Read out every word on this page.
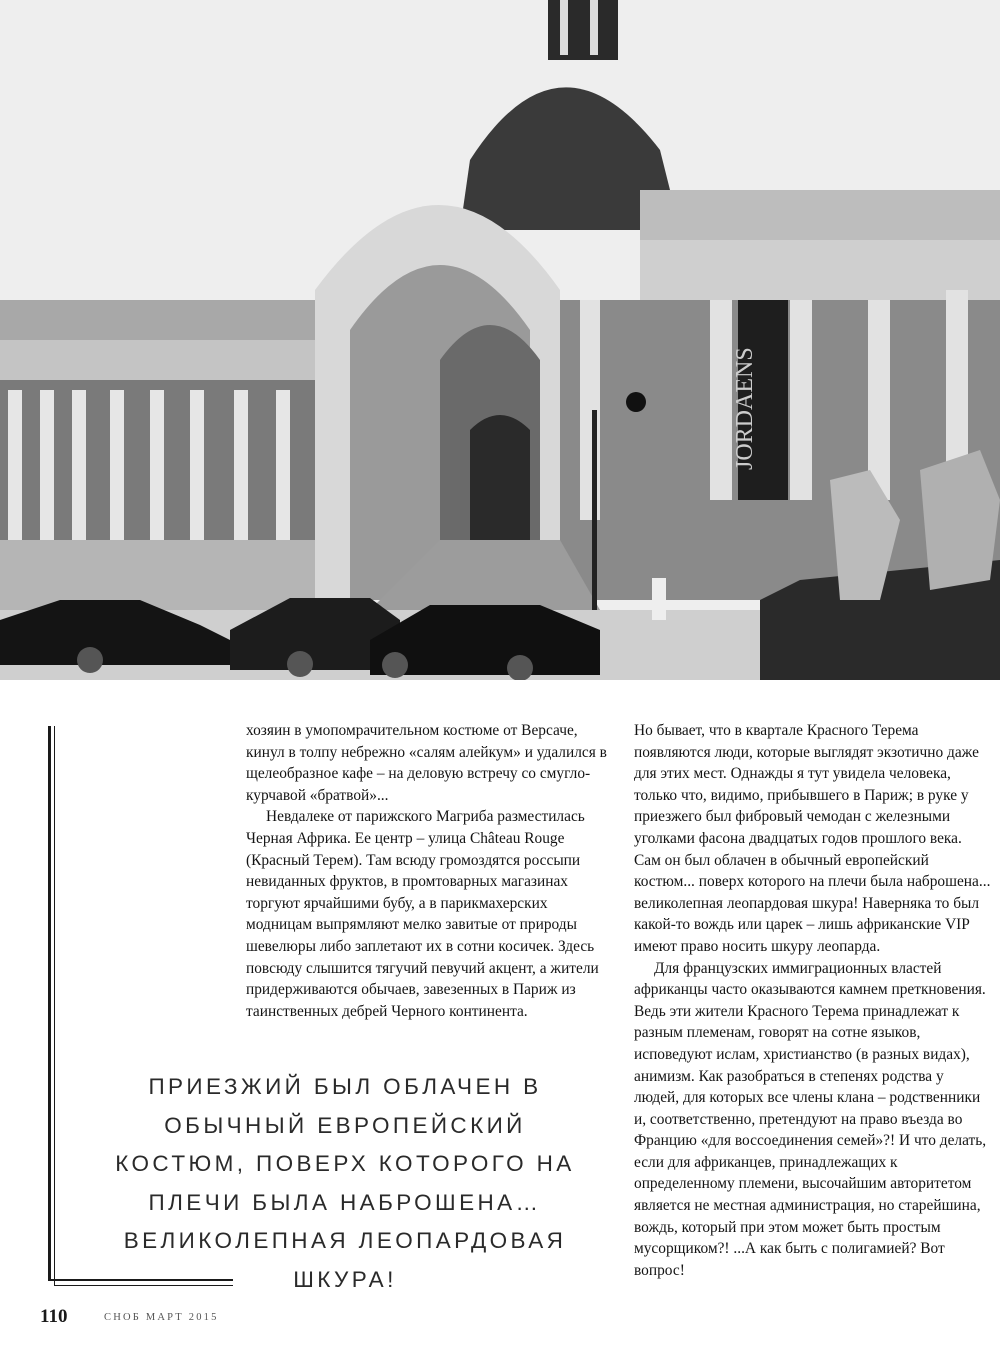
JORDAENS

хозяин в умопомрачительном костюме от Версаче, кинул в толпу небрежно «салям алейкум» и удалился в щелеобразное кафе – на деловую встречу со смугло-курчавой «братвой»...

Невдалеке от парижского Магриба разместилась Черная Африка. Ее центр – улица Château Rouge (Красный Терем). Там всюду громоздятся россыпи невиданных фруктов, в промтоварных магазинах торгуют ярчайшими бубу, а в парикмахерских модницам выпрямляют мелко завитые от природы шевелюры либо заплетают их в сотни косичек. Здесь повсюду слышится тягучий певучий акцент, а жители придерживаются обычаев, завезенных в Париж из таинственных дебрей Черного континента.

Но бывает, что в квартале Красного Терема появляются люди, которые выглядят экзотично даже для этих мест. Однажды я тут увидела человека, только что, видимо, прибывшего в Париж; в руке у приезжего был фибровый чемодан с железными уголками фасона двадцатых годов прошлого века. Сам он был облачен в обычный европейский костюм... поверх которого на плечи была наброшена... великолепная леопардовая шкура! Наверняка то был какой-то вождь или царек – лишь африканские VIP имеют право носить шкуру леопарда.

Для французских иммиграционных властей африканцы часто оказываются камнем преткновения. Ведь эти жители Красного Терема принадлежат к разным племенам, говорят на сотне языков, исповедуют ислам, христианство (в разных видах), анимизм. Как разобраться в степенях родства у людей, для которых все члены клана – родственники и, соответственно, претендуют на право въезда во Францию «для воссоединения семей»?! И что делать, если для африканцев, принадлежащих к определенному племени, высочайшим авторитетом является не местная администрация, но старейшина, вождь, который при этом может быть простым мусорщиком?! ...А как быть с полигамией? Вот вопрос!

ПРИЕЗЖИЙ БЫЛ ОБЛАЧЕН В ОБЫЧНЫЙ ЕВРОПЕЙСКИЙ КОСТЮМ, ПОВЕРХ КОТОРОГО НА ПЛЕЧИ БЫЛА НАБРОШЕНА… ВЕЛИКОЛЕПНАЯ ЛЕОПАРДОВАЯ ШКУРА!
110	СНОБ МАРТ 2015
